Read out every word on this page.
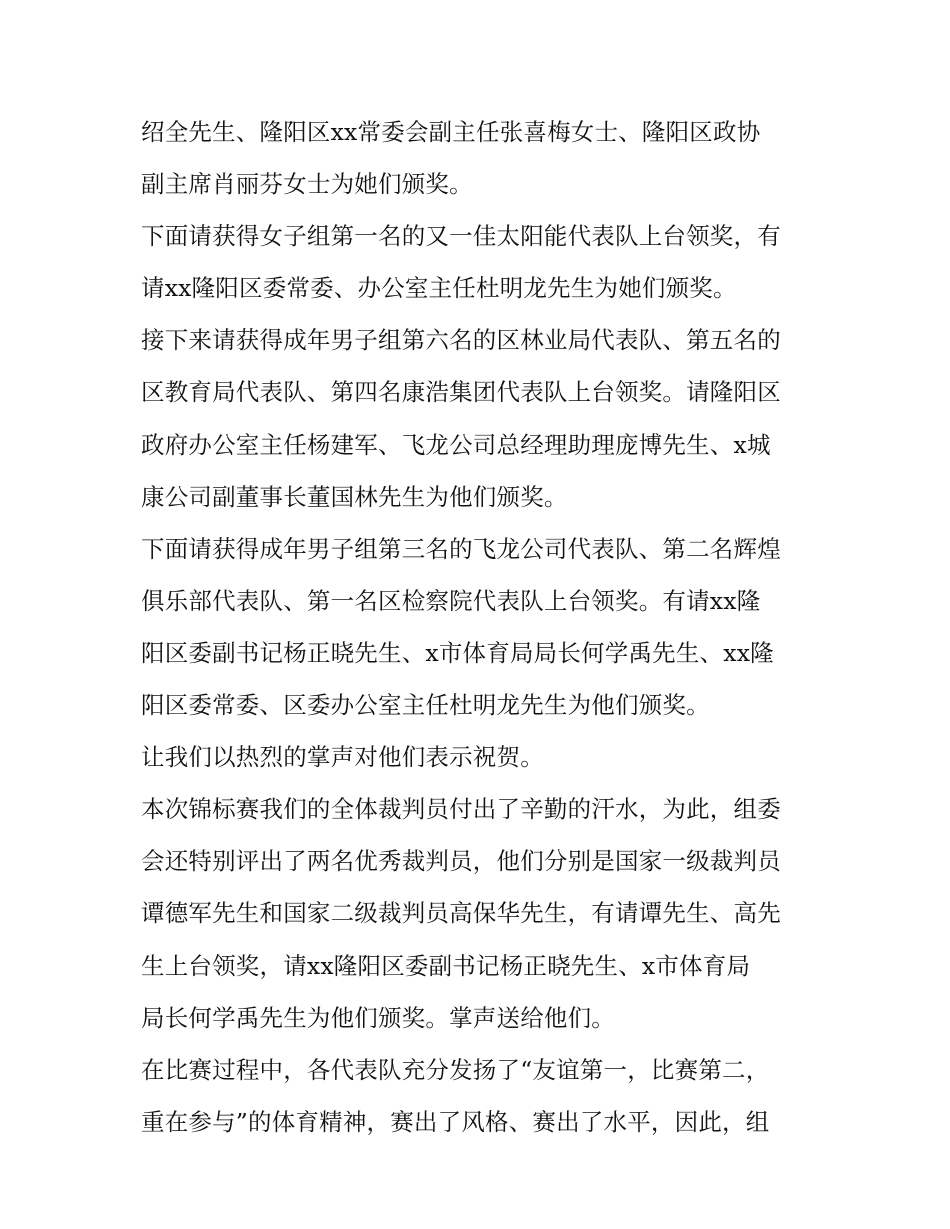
绍全先生、隆阳区xx常委会副主任张喜梅女士、隆阳区政协
副主席肖丽芬女士为她们颁奖。
下面请获得女子组第一名的又一佳太阳能代表队上台领奖，有
请xx隆阳区委常委、办公室主任杜明龙先生为她们颁奖。
接下来请获得成年男子组第六名的区林业局代表队、第五名的
区教育局代表队、第四名康浩集团代表队上台领奖。请隆阳区
政府办公室主任杨建军、飞龙公司总经理助理庞博先生、x城
康公司副董事长董国林先生为他们颁奖。
下面请获得成年男子组第三名的飞龙公司代表队、第二名辉煌
俱乐部代表队、第一名区检察院代表队上台领奖。有请xx隆
阳区委副书记杨正晓先生、x市体育局局长何学禹先生、xx隆
阳区委常委、区委办公室主任杜明龙先生为他们颁奖。
让我们以热烈的掌声对他们表示祝贺。
本次锦标赛我们的全体裁判员付出了辛勤的汗水，为此，组委
会还特别评出了两名优秀裁判员，他们分别是国家一级裁判员
谭德军先生和国家二级裁判员高保华先生，有请谭先生、高先
生上台领奖，请xx隆阳区委副书记杨正晓先生、x市体育局
局长何学禹先生为他们颁奖。掌声送给他们。
在比赛过程中，各代表队充分发扬了“友谊第一，比赛第二，
重在参与”的体育精神，赛出了风格、赛出了水平，因此，组
